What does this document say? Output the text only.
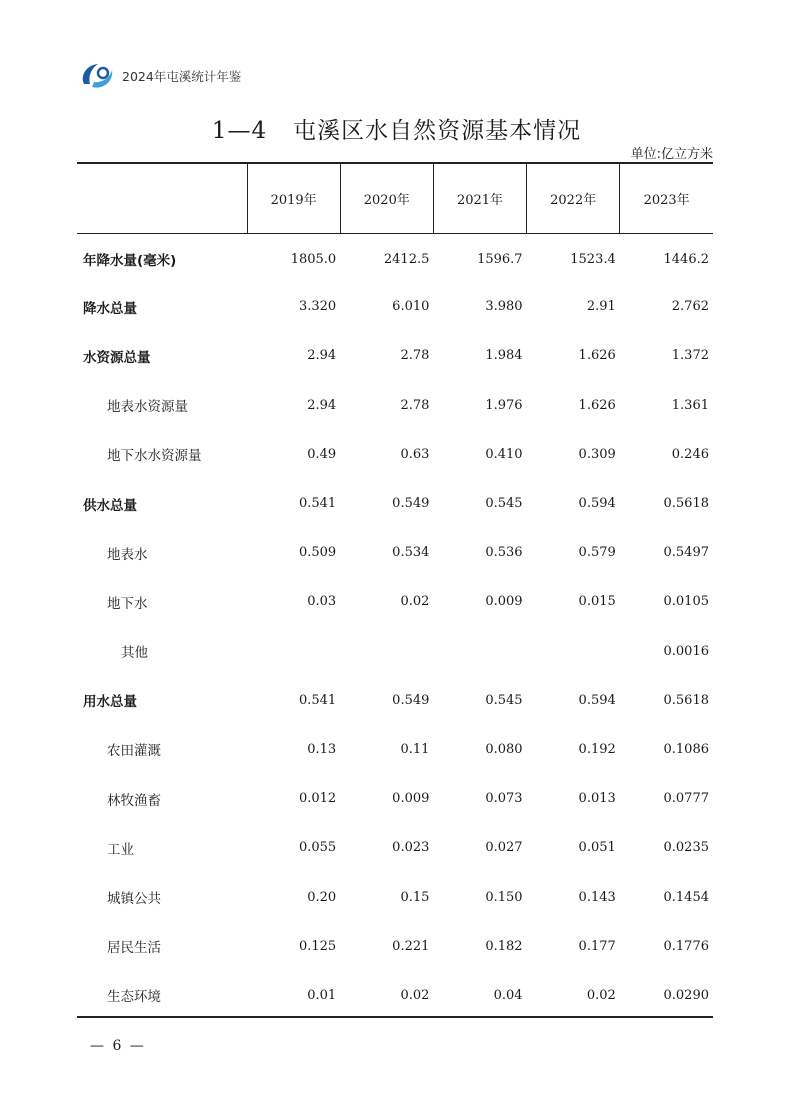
2024年屯溪统计年鉴
1—4 屯溪区水自然资源基本情况
单位:亿立方米
	2019年	2020年	2021年	2022年	2023年
年降水量(毫米)	1805.0	2412.5	1596.7	1523.4	1446.2
降水总量	3.320	6.010	3.980	2.91	2.762
水资源总量	2.94	2.78	1.984	1.626	1.372
地表水资源量	2.94	2.78	1.976	1.626	1.361
地下水水资源量	0.49	0.63	0.410	0.309	0.246
供水总量	0.541	0.549	0.545	0.594	0.5618
地表水	0.509	0.534	0.536	0.579	0.5497
地下水	0.03	0.02	0.009	0.015	0.0105
其他					0.0016
用水总量	0.541	0.549	0.545	0.594	0.5618
农田灌溉	0.13	0.11	0.080	0.192	0.1086
林牧渔畜	0.012	0.009	0.073	0.013	0.0777
工业	0.055	0.023	0.027	0.051	0.0235
城镇公共	0.20	0.15	0.150	0.143	0.1454
居民生活	0.125	0.221	0.182	0.177	0.1776
生态环境	0.01	0.02	0.04	0.02	0.0290
— 6 —
